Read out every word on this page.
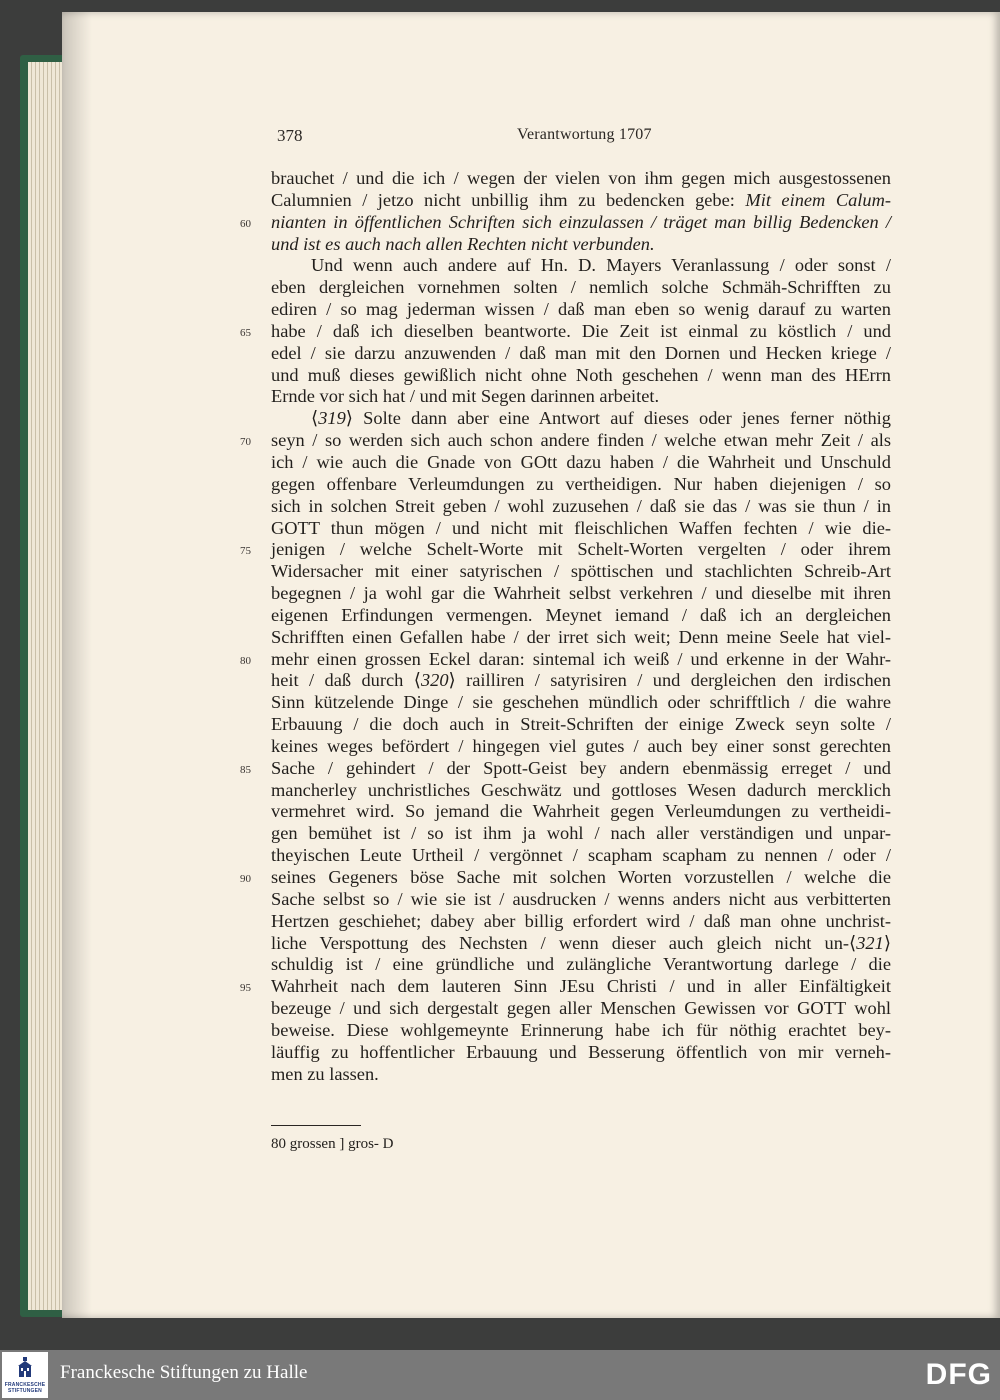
378	Verantwortung 1707
60
65
70
75
80
85
90
95
brauchet / und die ich / wegen der vielen von ihm gegen mich ausgestossenen
Calumnien / jetzo nicht unbillig ihm zu bedencken gebe: Mit einem Calum-
nianten in öffentlichen Schriften sich einzulassen / träget man billig Bedencken /
und ist es auch nach allen Rechten nicht verbunden.
Und wenn auch andere auf Hn. D. Mayers Veranlassung / oder sonst /
eben dergleichen vornehmen solten / nemlich solche Schmäh-Schrifften zu
ediren / so mag jederman wissen / daß man eben so wenig darauf zu warten
habe / daß ich dieselben beantworte. Die Zeit ist einmal zu köstlich / und
edel / sie darzu anzuwenden / daß man mit den Dornen und Hecken kriege /
und muß dieses gewißlich nicht ohne Noth geschehen / wenn man des HErrn
Ernde vor sich hat / und mit Segen darinnen arbeitet.
⟨319⟩ Solte dann aber eine Antwort auf dieses oder jenes ferner nöthig
seyn / so werden sich auch schon andere finden / welche etwan mehr Zeit / als
ich / wie auch die Gnade von GOtt dazu haben / die Wahrheit und Unschuld
gegen offenbare Verleumdungen zu vertheidigen. Nur haben diejenigen / so
sich in solchen Streit geben / wohl zuzusehen / daß sie das / was sie thun / in
GOTT thun mögen / und nicht mit fleischlichen Waffen fechten / wie die-
jenigen / welche Schelt-Worte mit Schelt-Worten vergelten / oder ihrem
Widersacher mit einer satyrischen / spöttischen und stachlichten Schreib-Art
begegnen / ja wohl gar die Wahrheit selbst verkehren / und dieselbe mit ihren
eigenen Erfindungen vermengen. Meynet iemand / daß ich an dergleichen
Schrifften einen Gefallen habe / der irret sich weit; Denn meine Seele hat viel-
mehr einen grossen Eckel daran: sintemal ich weiß / und erkenne in der Wahr-
heit / daß durch ⟨320⟩ railliren / satyrisiren / und dergleichen den irdischen
Sinn kützelende Dinge / sie geschehen mündlich oder schrifftlich / die wahre
Erbauung / die doch auch in Streit-Schriften der einige Zweck seyn solte /
keines weges befördert / hingegen viel gutes / auch bey einer sonst gerechten
Sache / gehindert / der Spott-Geist bey andern ebenmässig erreget / und
mancherley unchristliches Geschwätz und gottloses Wesen dadurch mercklich
vermehret wird. So jemand die Wahrheit gegen Verleumdungen zu vertheidi-
gen bemühet ist / so ist ihm ja wohl / nach aller verständigen und unpar-
theyischen Leute Urtheil / vergönnet / scapham scapham zu nennen / oder /
seines Gegeners böse Sache mit solchen Worten vorzustellen / welche die
Sache selbst so / wie sie ist / ausdrucken / wenns anders nicht aus verbitterten
Hertzen geschiehet; dabey aber billig erfordert wird / daß man ohne unchrist-
liche Verspottung des Nechsten / wenn dieser auch gleich nicht un-⟨321⟩
schuldig ist / eine gründliche und zulängliche Verantwortung darlege / die
Wahrheit nach dem lauteren Sinn JEsu Christi / und in aller Einfältigkeit
bezeuge / und sich dergestalt gegen aller Menschen Gewissen vor GOTT wohl
beweise. Diese wohlgemeynte Erinnerung habe ich für nöthig erachtet bey-
läuffig zu hoffentlicher Erbauung und Besserung öffentlich von mir verneh-
men zu lassen.
80 grossen ] gros- D
FRANCKESCHE STIFTUNGEN
Franckesche Stiftungen zu Halle	DFG
